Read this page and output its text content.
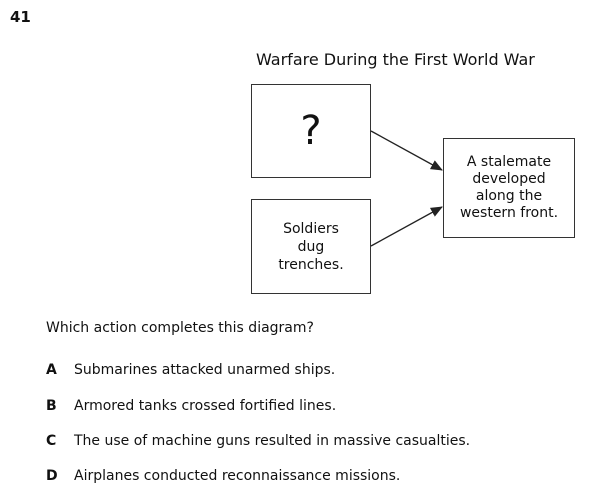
41
Warfare During the First World War
?
Soldiers
dug
trenches.
A stalemate
developed
along the
western front.
Which action completes this diagram?
A Submarines attacked unarmed ships.
B Armored tanks crossed fortified lines.
C The use of machine guns resulted in massive casualties.
D Airplanes conducted reconnaissance missions.
